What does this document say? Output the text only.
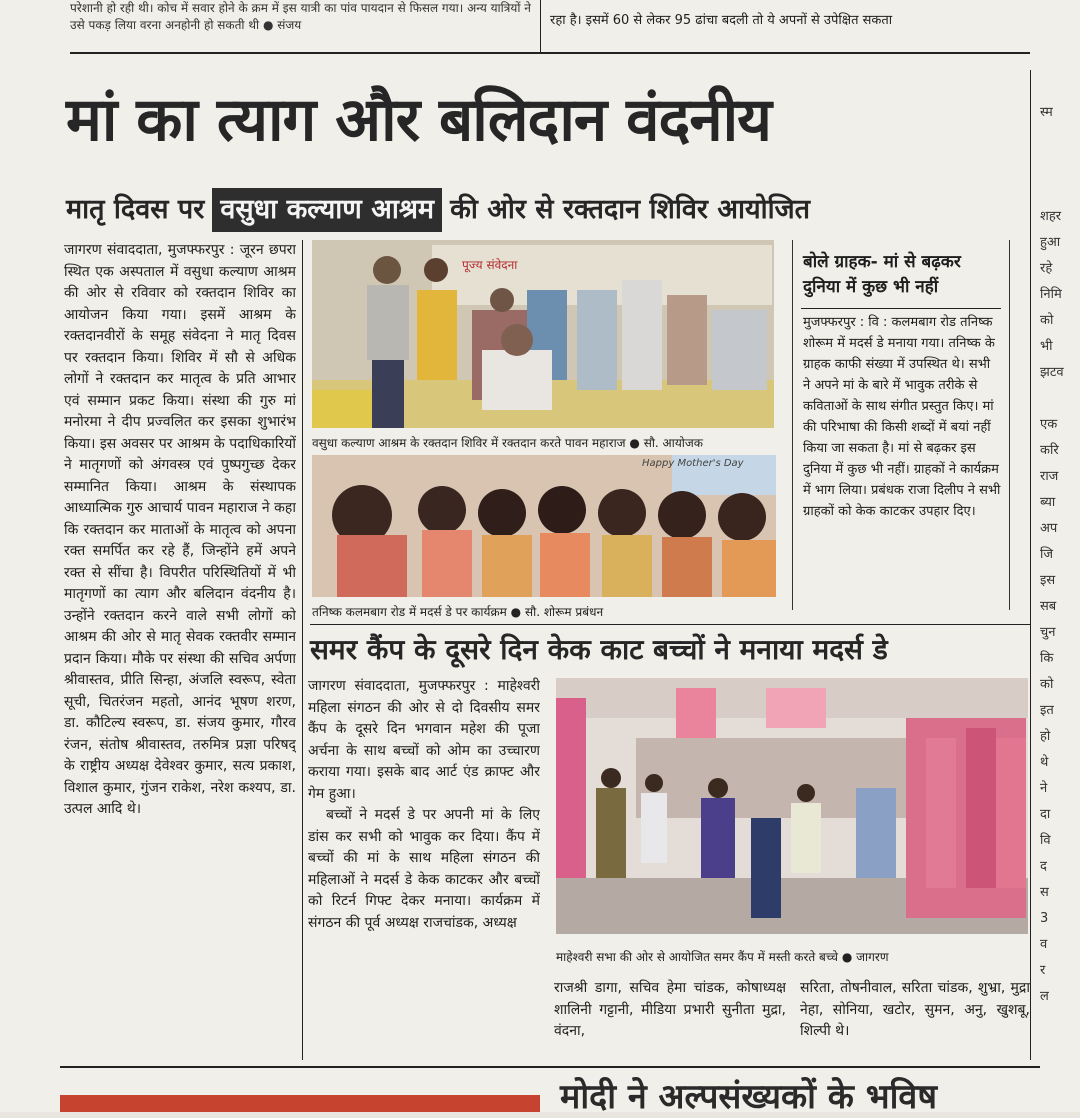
परेशानी हो रही थी। कोच में सवार होने के क्रम में इस यात्री का पांव पायदान से फिसल गया। अन्य यात्रियों ने उसे पकड़ लिया वरना अनहोनी हो सकती थी ● संजय	रहा है। इसमें 60 से लेकर 95 ढांचा बदली तो ये अपनों से उपेक्षित सकता
मां का त्याग और बलिदान वंदनीय
मातृ दिवस पर वसुधा कल्याण आश्रम की ओर से रक्तदान शिविर आयोजित
जागरण संवाददाता, मुजफ्फरपुर : जूरन छपरा स्थित एक अस्पताल में वसुधा कल्याण आश्रम की ओर से रविवार को रक्तदान शिविर का आयोजन किया गया। इसमें आश्रम के रक्तदानवीरों के समूह संवेदना ने मातृ दिवस पर रक्तदान किया। शिविर में सौ से अधिक लोगों ने रक्तदान कर मातृत्व के प्रति आभार एवं सम्मान प्रकट किया। संस्था की गुरु मां मनोरमा ने दीप प्रज्वलित कर इसका शुभारंभ किया। इस अवसर पर आश्रम के पदाधिकारियों ने मातृगणों को अंगवस्त्र एवं पुष्पगुच्छ देकर सम्मानित किया। आश्रम के संस्थापक आध्यात्मिक गुरु आचार्य पावन महाराज ने कहा कि रक्तदान कर माताओं के मातृत्व को अपना रक्त समर्पित कर रहे हैं, जिन्होंने हमें अपने रक्त से सींचा है। विपरीत परिस्थितियों में भी मातृगणों का त्याग और बलिदान वंदनीय है। उन्होंने रक्तदान करने वाले सभी लोगों को आश्रम की ओर से मातृ सेवक रक्तवीर सम्मान प्रदान किया। मौके पर संस्था की सचिव अर्पणा श्रीवास्तव, प्रीति सिन्हा, अंजलि स्वरूप, स्वेता सूची, चितरंजन महतो, आनंद भूषण शरण, डा. कौटिल्य स्वरूप, डा. संजय कुमार, गौरव रंजन, संतोष श्रीवास्तव, तरुमित्र प्रज्ञा परिषद् के राष्ट्रीय अध्यक्ष देवेश्वर कुमार, सत्य प्रकाश, विशाल कुमार, गुंजन राकेश, नरेश कश्यप, डा. उत्पल आदि थे।
पूज्य संवेदना
वसुधा कल्याण आश्रम के रक्तदान शिविर में रक्तदान करते पावन महाराज ● सौ. आयोजक
Happy Mother's Day
तनिष्क कलमबाग रोड में मदर्स डे पर कार्यक्रम ● सौ. शोरूम प्रबंधन
बोले ग्राहक- मां से बढ़कर दुनिया में कुछ भी नहीं
मुजफ्फरपुर : वि : कलमबाग रोड तनिष्क शोरूम में मदर्स डे मनाया गया। तनिष्क के ग्राहक काफी संख्या में उपस्थित थे। सभी ने अपने मां के बारे में भावुक तरीके से कविताओं के साथ संगीत प्रस्तुत किए। मां की परिभाषा की किसी शब्दों में बयां नहीं किया जा सकता है। मां से बढ़कर इस दुनिया में कुछ भी नहीं। ग्राहकों ने कार्यक्रम में भाग लिया। प्रबंधक राजा दिलीप ने सभी ग्राहकों को केक काटकर उपहार दिए।
समर कैंप के दूसरे दिन केक काट बच्चों ने मनाया मदर्स डे
जागरण संवाददाता, मुजफ्फरपुर : माहेश्वरी महिला संगठन की ओर से दो दिवसीय समर कैंप के दूसरे दिन भगवान महेश की पूजा अर्चना के साथ बच्चों को ओम का उच्चारण कराया गया। इसके बाद आर्ट एंड क्राफ्ट और गेम हुआ।
बच्चों ने मदर्स डे पर अपनी मां के लिए डांस कर सभी को भावुक कर दिया। कैंप में बच्चों की मां के साथ महिला संगठन की महिलाओं ने मदर्स डे केक काटकर और बच्चों को रिटर्न गिफ्ट देकर मनाया। कार्यक्रम में संगठन की पूर्व अध्यक्ष राजचांडक, अध्यक्ष
माहेश्वरी सभा की ओर से आयोजित समर कैंप में मस्ती करते बच्चे ● जागरण
राजश्री डागा, सचिव हेमा चांडक, कोषाध्यक्ष शालिनी गट्टानी, मीडिया प्रभारी सुनीता मुद्रा, वंदना,
सरिता, तोषनीवाल, सरिता चांडक, शुभ्रा, मुद्रा नेहा, सोनिया, खटोर, सुमन, अनु, खुशबू, शिल्पी थे।
स्म

शहर
हुआ
रहे
निमि
को
भी
झटव

एक
करि
राज
ब्या
अप
जि
इस
सब
चुन
कि
को
इत
हो
थे
ने
दा
वि
द
स
3
व
र
ल
मोदी ने अल्पसंख्यकों के भविष
